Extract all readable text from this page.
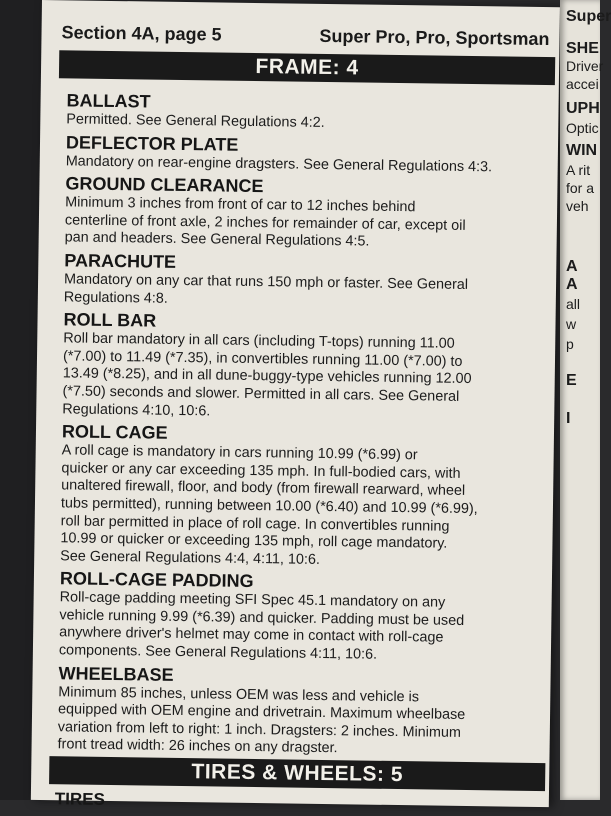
Section 4A, page 5	Super Pro, Pro, Sportsman
FRAME: 4
BALLAST

Permitted. See General Regulations 4:2.

DEFLECTOR PLATE

Mandatory on rear-engine dragsters. See General Regulations 4:3.

GROUND CLEARANCE

Minimum 3 inches from front of car to 12 inches behind
centerline of front axle, 2 inches for remainder of car, except oil
pan and headers. See General Regulations 4:5.

PARACHUTE

Mandatory on any car that runs 150 mph or faster. See General
Regulations 4:8.

ROLL BAR

Roll bar mandatory in all cars (including T-tops) running 11.00
(*7.00) to 11.49 (*7.35), in convertibles running 11.00 (*7.00) to
13.49 (*8.25), and in all dune-buggy-type vehicles running 12.00
(*7.50) seconds and slower. Permitted in all cars. See General
Regulations 4:10, 10:6.

ROLL CAGE

A roll cage is mandatory in cars running 10.99 (*6.99) or
quicker or any car exceeding 135 mph. In full-bodied cars, with
unaltered firewall, floor, and body (from firewall rearward, wheel
tubs permitted), running between 10.00 (*6.40) and 10.99 (*6.99),
roll bar permitted in place of roll cage. In convertibles running
10.99 or quicker or exceeding 135 mph, roll cage mandatory.
See General Regulations 4:4, 4:11, 10:6.

ROLL-CAGE PADDING

Roll-cage padding meeting SFI Spec 45.1 mandatory on any
vehicle running 9.99 (*6.39) and quicker. Padding must be used
anywhere driver's helmet may come in contact with roll-cage
components. See General Regulations 4:11, 10:6.

WHEELBASE

Minimum 85 inches, unless OEM was less and vehicle is
equipped with OEM engine and drivetrain. Maximum wheelbase
variation from left to right: 1 inch. Dragsters: 2 inches. Minimum
front tread width: 26 inches on any dragster.

TIRES & WHEELS: 5
TIRES
Super
SHE
Driver
accei
UPH
Optic
WIN
A rit
for a
veh
A
A
all
w
p
E
I
